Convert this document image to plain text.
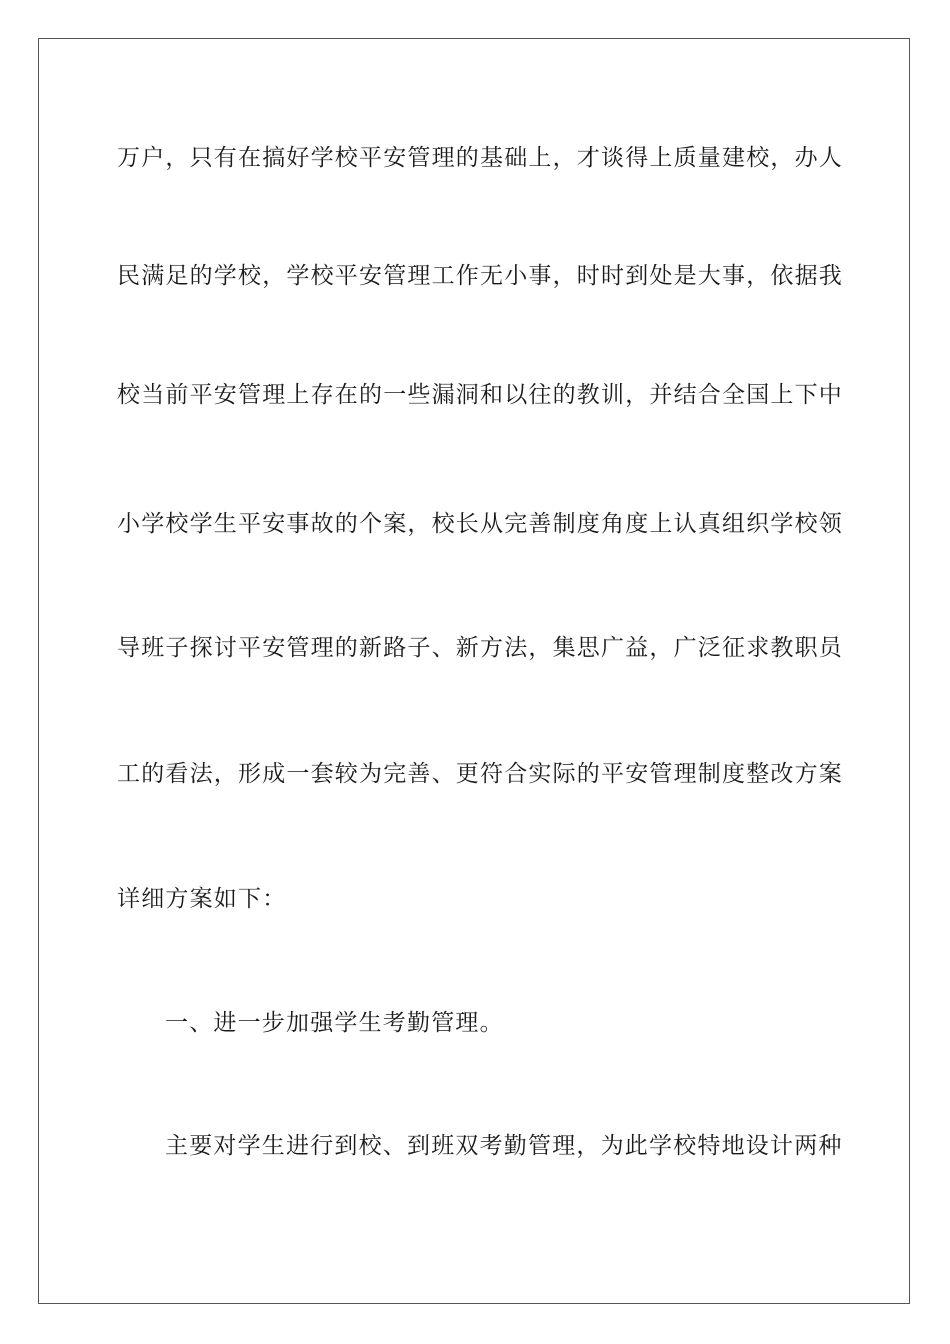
万户，只有在搞好学校平安管理的基础上，才谈得上质量建校，办人
民满足的学校，学校平安管理工作无小事，时时到处是大事，依据我
校当前平安管理上存在的一些漏洞和以往的教训，并结合全国上下中
小学校学生平安事故的个案，校长从完善制度角度上认真组织学校领
导班子探讨平安管理的新路子、新方法，集思广益，广泛征求教职员
工的看法，形成一套较为完善、更符合实际的平安管理制度整改方案
详细方案如下：
一、进一步加强学生考勤管理。
主要对学生进行到校、到班双考勤管理，为此学校特地设计两种
